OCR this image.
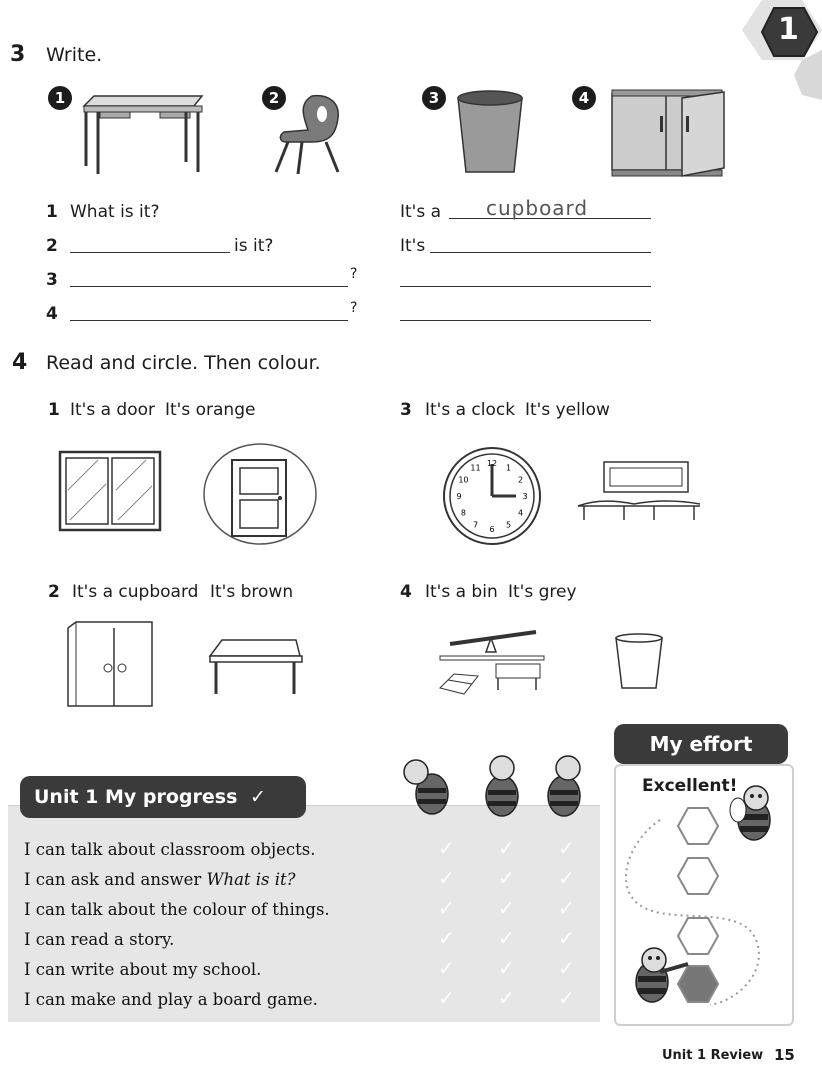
1
3 Write.
1	2	3	4
1 What is it?	It's a cupboard
2	is it?	It's
3	?
4	?
4 Read and circle. Then colour.
1 It's a door It's orange	3 It's a clock It's yellow
12 1
2
3
4
5
6
7
8
9
10
11
2 It's a cupboard It's brown	4 It's a bin It's grey
My effort
Excellent!
Unit 1 My progress ✓
I can talk about classroom objects.
I can ask and answer What is it?
I can talk about the colour of things.
I can read a story.
I can write about my school.
I can make and play a board game.
✓ ✓ ✓
✓ ✓ ✓
✓ ✓ ✓
✓ ✓ ✓
✓ ✓ ✓
✓ ✓ ✓
Unit 1 Review 15
